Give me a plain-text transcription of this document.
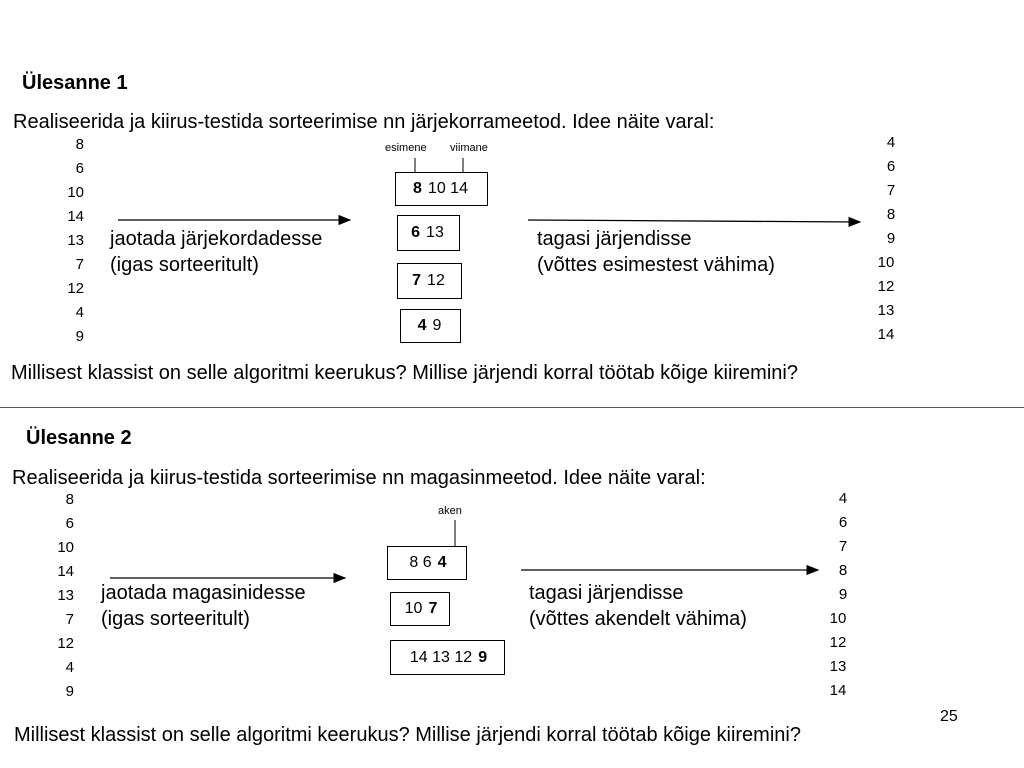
Ülesanne 1
Realiseerida ja kiirus-testida sorteerimise nn järjekorrameetod. Idee näite varal:
8
6
10
14
13
7
12
4
9
jaotada järjekordadesse
(igas sorteeritult)
esimene viimane
8 10 14
6 13
7 12
4 9
tagasi järjendisse
(võttes esimestest vähima)
4
6
7
8
9
10
12
13
14
Millisest klassist on selle algoritmi keerukus? Millise järjendi korral töötab kõige kiiremini?
Ülesanne 2
Realiseerida ja kiirus-testida sorteerimise nn magasinmeetod. Idee näite varal:
8
6
10
14
13
7
12
4
9
jaotada magasinidesse
(igas sorteeritult)
aken
8 6 4
10 7
14 13 12 9
tagasi järjendisse
(võttes akendelt vähima)
4
6
7
8
9
10
12
13
14
25
Millisest klassist on selle algoritmi keerukus? Millise järjendi korral töötab kõige kiiremini?
